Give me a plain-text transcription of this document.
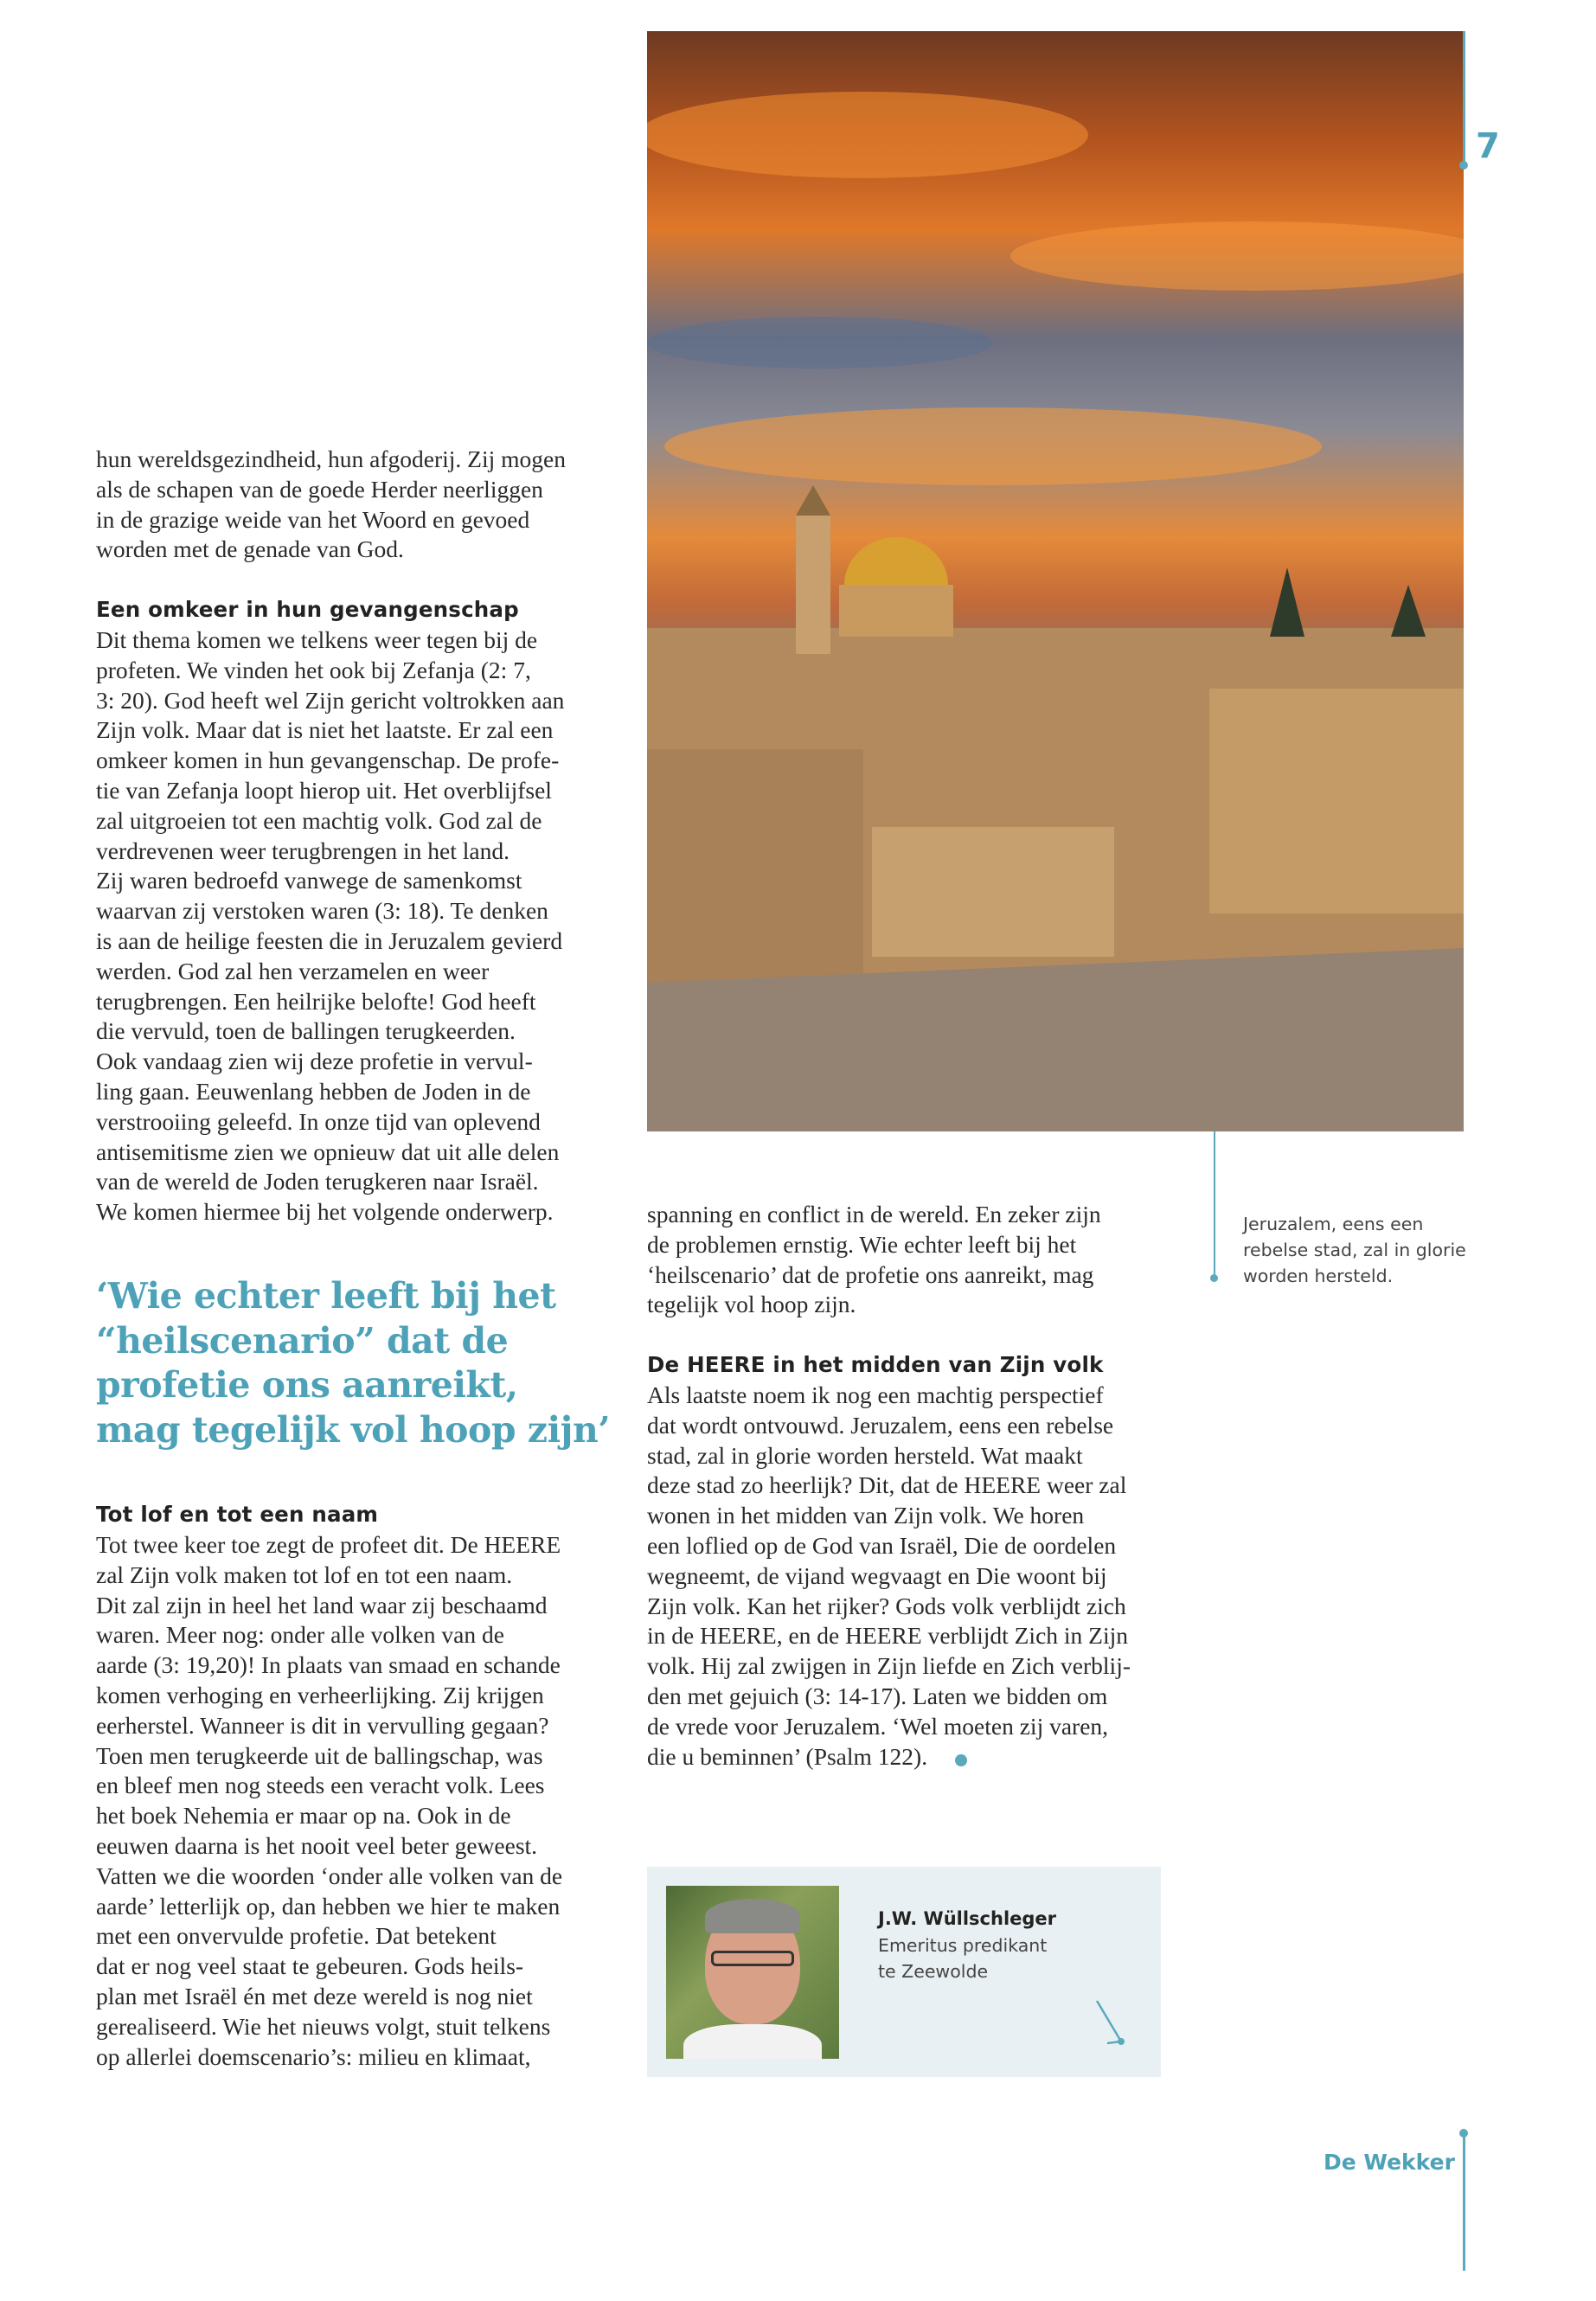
7
hun wereldsgezindheid, hun afgoderij. Zij mogen
als de schapen van de goede Herder neerliggen
in de grazige weide van het Woord en gevoed
worden met de genade van God.
Een omkeer in hun gevangenschap
Dit thema komen we telkens weer tegen bij de
profeten. We vinden het ook bij Zefanja (2: 7,
3: 20). God heeft wel Zijn gericht voltrokken aan
Zijn volk. Maar dat is niet het laatste. Er zal een
omkeer komen in hun gevangenschap. De profe-
tie van Zefanja loopt hierop uit. Het overblijfsel
zal uitgroeien tot een machtig volk. God zal de
verdrevenen weer terugbrengen in het land.
Zij waren bedroefd vanwege de samenkomst
waarvan zij verstoken waren (3: 18). Te denken
is aan de heilige feesten die in Jeruzalem gevierd
werden. God zal hen verzamelen en weer
terugbrengen. Een heilrijke belofte! God heeft
die vervuld, toen de ballingen terugkeerden.
Ook vandaag zien wij deze profetie in vervul-
ling gaan. Eeuwenlang hebben de Joden in de
verstrooiing geleefd. In onze tijd van oplevend
antisemitisme zien we opnieuw dat uit alle delen
van de wereld de Joden terugkeren naar Israël.
We komen hiermee bij het volgende onderwerp.
‘Wie echter leeft bij het
“heilscenario” dat de
profetie ons aanreikt,
mag tegelijk vol hoop zijn’
Tot lof en tot een naam
Tot twee keer toe zegt de profeet dit. De HEERE
zal Zijn volk maken tot lof en tot een naam.
Dit zal zijn in heel het land waar zij beschaamd
waren. Meer nog: onder alle volken van de
aarde (3: 19,20)! In plaats van smaad en schande
komen verhoging en verheerlijking. Zij krijgen
eerherstel. Wanneer is dit in vervulling gegaan?
Toen men terugkeerde uit de ballingschap, was
en bleef men nog steeds een veracht volk. Lees
het boek Nehemia er maar op na. Ook in de
eeuwen daarna is het nooit veel beter geweest.
Vatten we die woorden ‘onder alle volken van de
aarde’ letterlijk op, dan hebben we hier te maken
met een onvervulde profetie. Dat betekent
dat er nog veel staat te gebeuren. Gods heils-
plan met Israël én met deze wereld is nog niet
gerealiseerd. Wie het nieuws volgt, stuit telkens
op allerlei doemscenario’s: milieu en klimaat,
spanning en conflict in de wereld. En zeker zijn
de problemen ernstig. Wie echter leeft bij het
‘heilscenario’ dat de profetie ons aanreikt, mag
tegelijk vol hoop zijn.
De HEERE in het midden van Zijn volk
Als laatste noem ik nog een machtig perspectief
dat wordt ontvouwd. Jeruzalem, eens een rebelse
stad, zal in glorie worden hersteld. Wat maakt
deze stad zo heerlijk? Dit, dat de HEERE weer zal
wonen in het midden van Zijn volk. We horen
een loflied op de God van Israël, Die de oordelen
wegneemt, de vijand wegvaagt en Die woont bij
Zijn volk. Kan het rijker? Gods volk verblijdt zich
in de HEERE, en de HEERE verblijdt Zich in Zijn
volk. Hij zal zwijgen in Zijn liefde en Zich verblij-
den met gejuich (3: 14-17). Laten we bidden om
de vrede voor Jeruzalem. ‘Wel moeten zij varen,
die u beminnen’ (Psalm 122).
Jeruzalem, eens een
rebelse stad, zal in glorie
worden hersteld.
J.W. Wüllschleger
Emeritus predikant
te Zeewolde
De Wekker
